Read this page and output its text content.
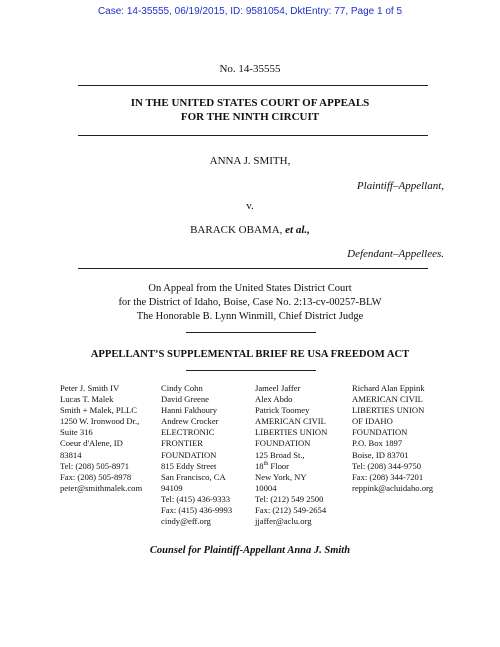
Case: 14-35555, 06/19/2015, ID: 9581054, DktEntry: 77, Page 1 of 5
No. 14-35555
IN THE UNITED STATES COURT OF APPEALS
FOR THE NINTH CIRCUIT
ANNA J. SMITH,
Plaintiff–Appellant,
v.
BARACK OBAMA, et al.,
Defendant–Appellees.
On Appeal from the United States District Court
for the District of Idaho, Boise, Case No. 2:13-cv-00257-BLW
The Honorable B. Lynn Winmill, Chief District Judge
APPELLANT’S SUPPLEMENTAL BRIEF RE USA FREEDOM ACT
Peter J. Smith IV
Lucas T. Malek
Smith + Malek, PLLC
1250 W. Ironwood Dr.,
Suite 316
Coeur d'Alene, ID
83814
Tel: (208) 505-8971
Fax: (208) 505-8978
peter@smithmalek.com
Cindy Cohn
David Greene
Hanni Fakhoury
Andrew Crocker
ELECTRONIC
FRONTIER
FOUNDATION
815 Eddy Street
San Francisco, CA
94109
Tel: (415) 436-9333
Fax: (415) 436-9993
cindy@eff.org
Jameel Jaffer
Alex Abdo
Patrick Toomey
AMERICAN CIVIL
LIBERTIES UNION
FOUNDATION
125 Broad St.,
18th Floor
New York, NY
10004
Tel: (212) 549 2500
Fax: (212) 549-2654
jjaffer@aclu.org
Richard Alan Eppink
AMERICAN CIVIL
LIBERTIES UNION
OF IDAHO
FOUNDATION
P.O. Box 1897
Boise, ID 83701
Tel: (208) 344-9750
Fax: (208) 344-7201
reppink@acluidaho.org
Counsel for Plaintiff-Appellant Anna J. Smith
